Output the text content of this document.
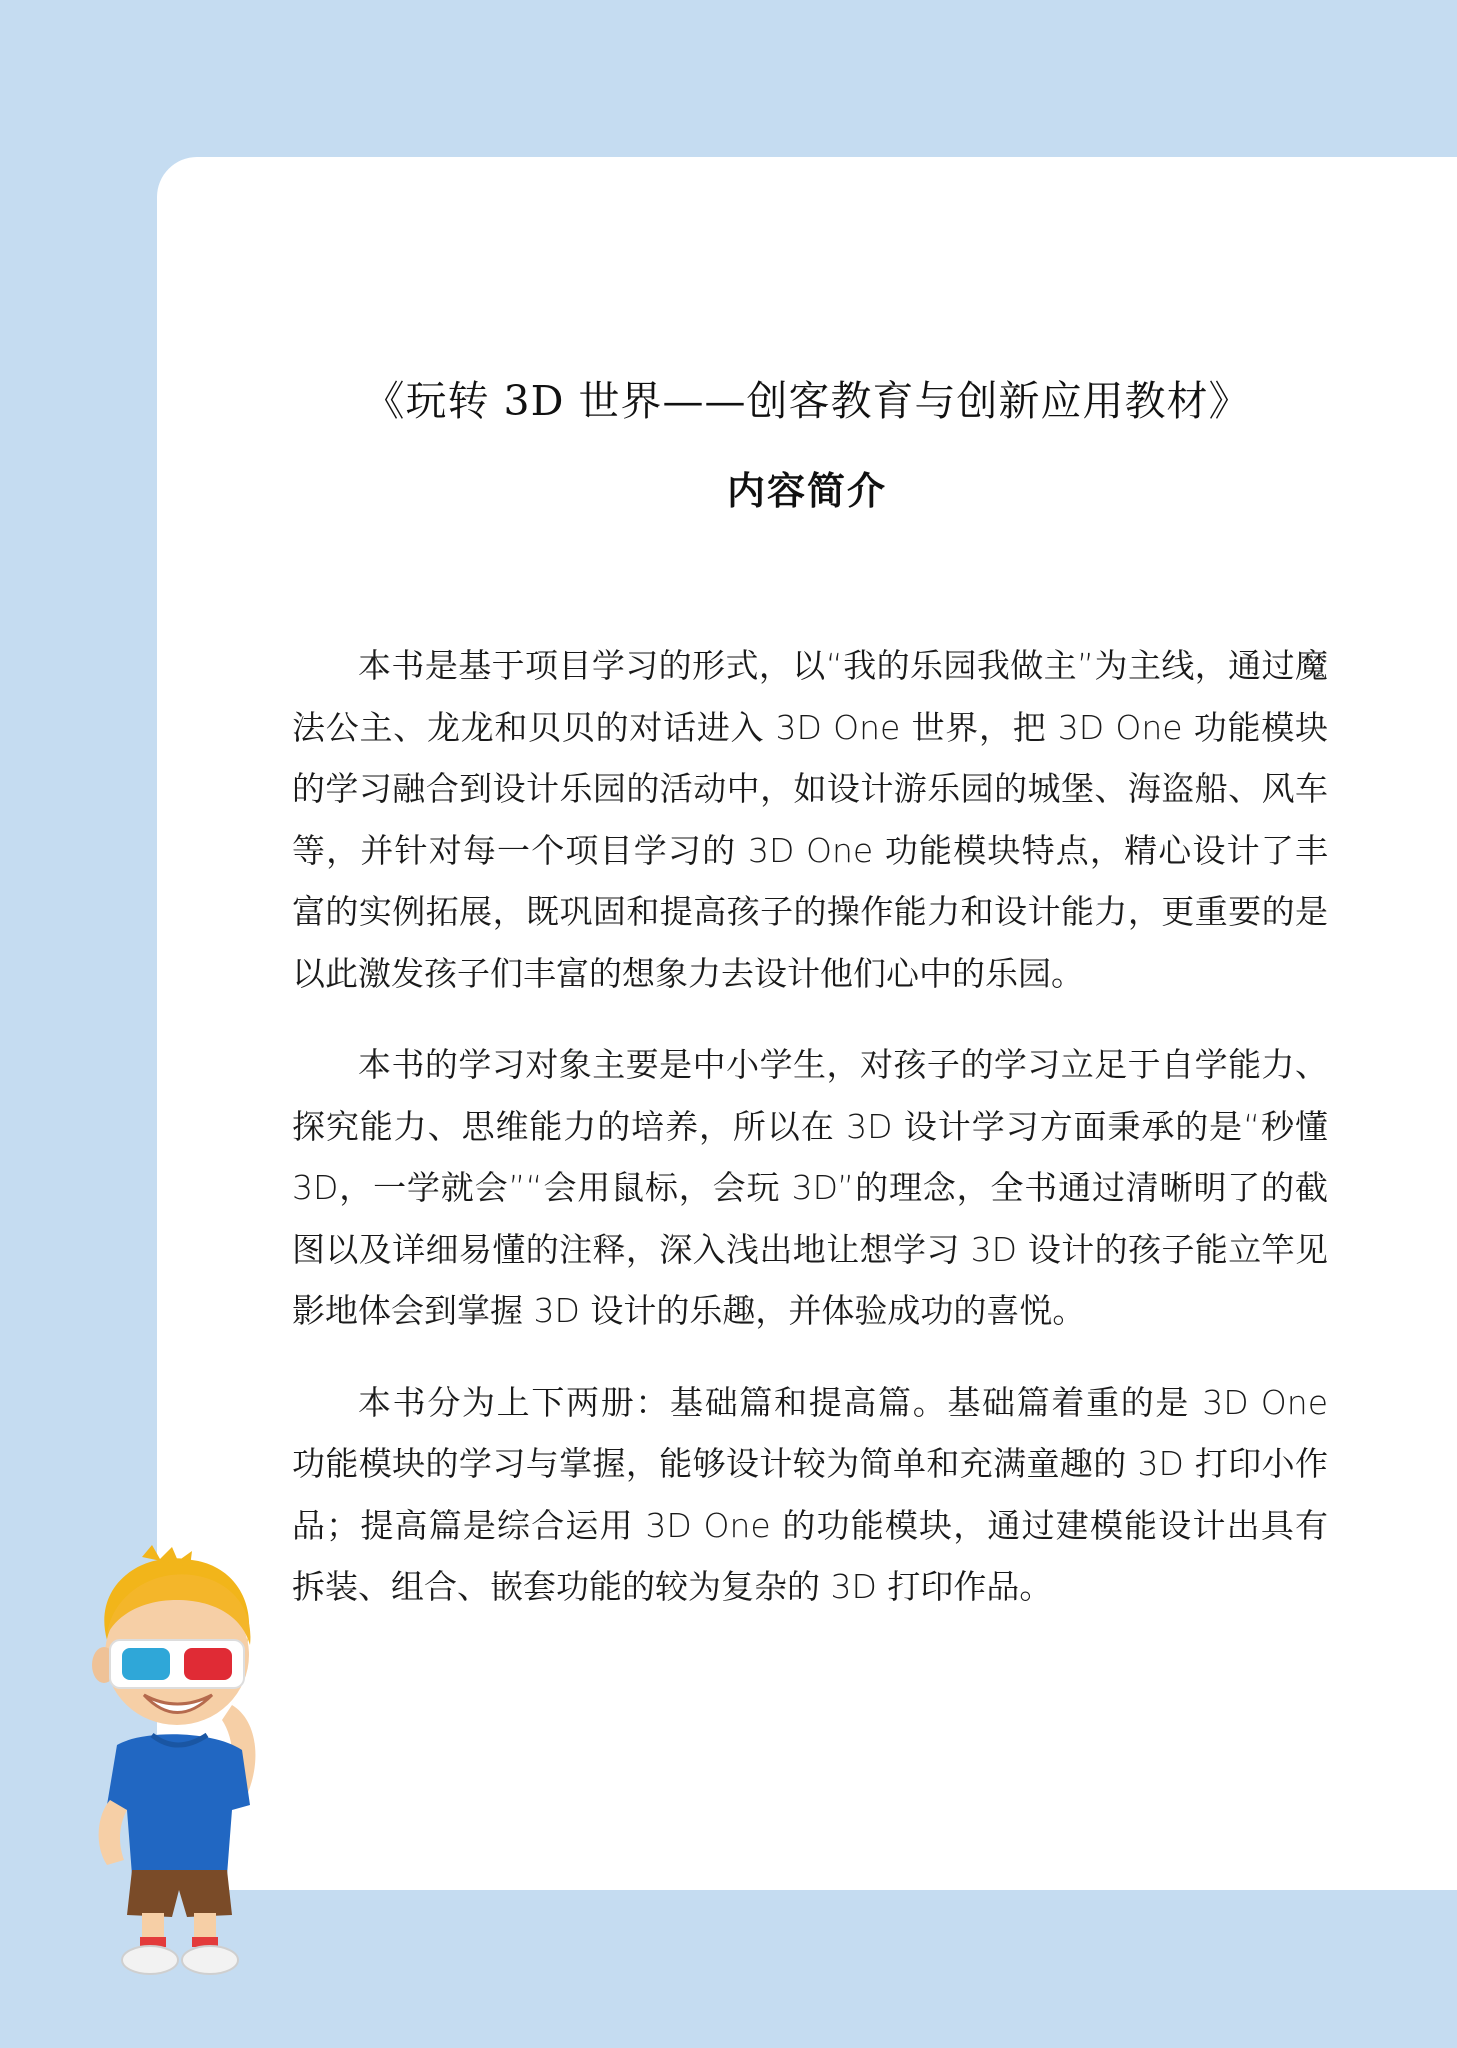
《玩转 3D 世界——创客教育与创新应用教材》
内容简介

本书是基于项目学习的形式，以“我的乐园我做主”为主线，通过魔法公主、龙龙和贝贝的对话进入 3D One 世界，把 3D One 功能模块的学习融合到设计乐园的活动中，如设计游乐园的城堡、海盗船、风车等，并针对每一个项目学习的 3D One 功能模块特点，精心设计了丰富的实例拓展，既巩固和提高孩子的操作能力和设计能力，更重要的是以此激发孩子们丰富的想象力去设计他们心中的乐园。

本书的学习对象主要是中小学生，对孩子的学习立足于自学能力、探究能力、思维能力的培养，所以在 3D 设计学习方面秉承的是“秒懂 3D，一学就会”“会用鼠标，会玩 3D”的理念，全书通过清晰明了的截图以及详细易懂的注释，深入浅出地让想学习 3D 设计的孩子能立竿见影地体会到掌握 3D 设计的乐趣，并体验成功的喜悦。

本书分为上下两册：基础篇和提高篇。基础篇着重的是 3D One 功能模块的学习与掌握，能够设计较为简单和充满童趣的 3D 打印小作品；提高篇是综合运用 3D One 的功能模块，通过建模能设计出具有拆装、组合、嵌套功能的较为复杂的 3D 打印作品。
